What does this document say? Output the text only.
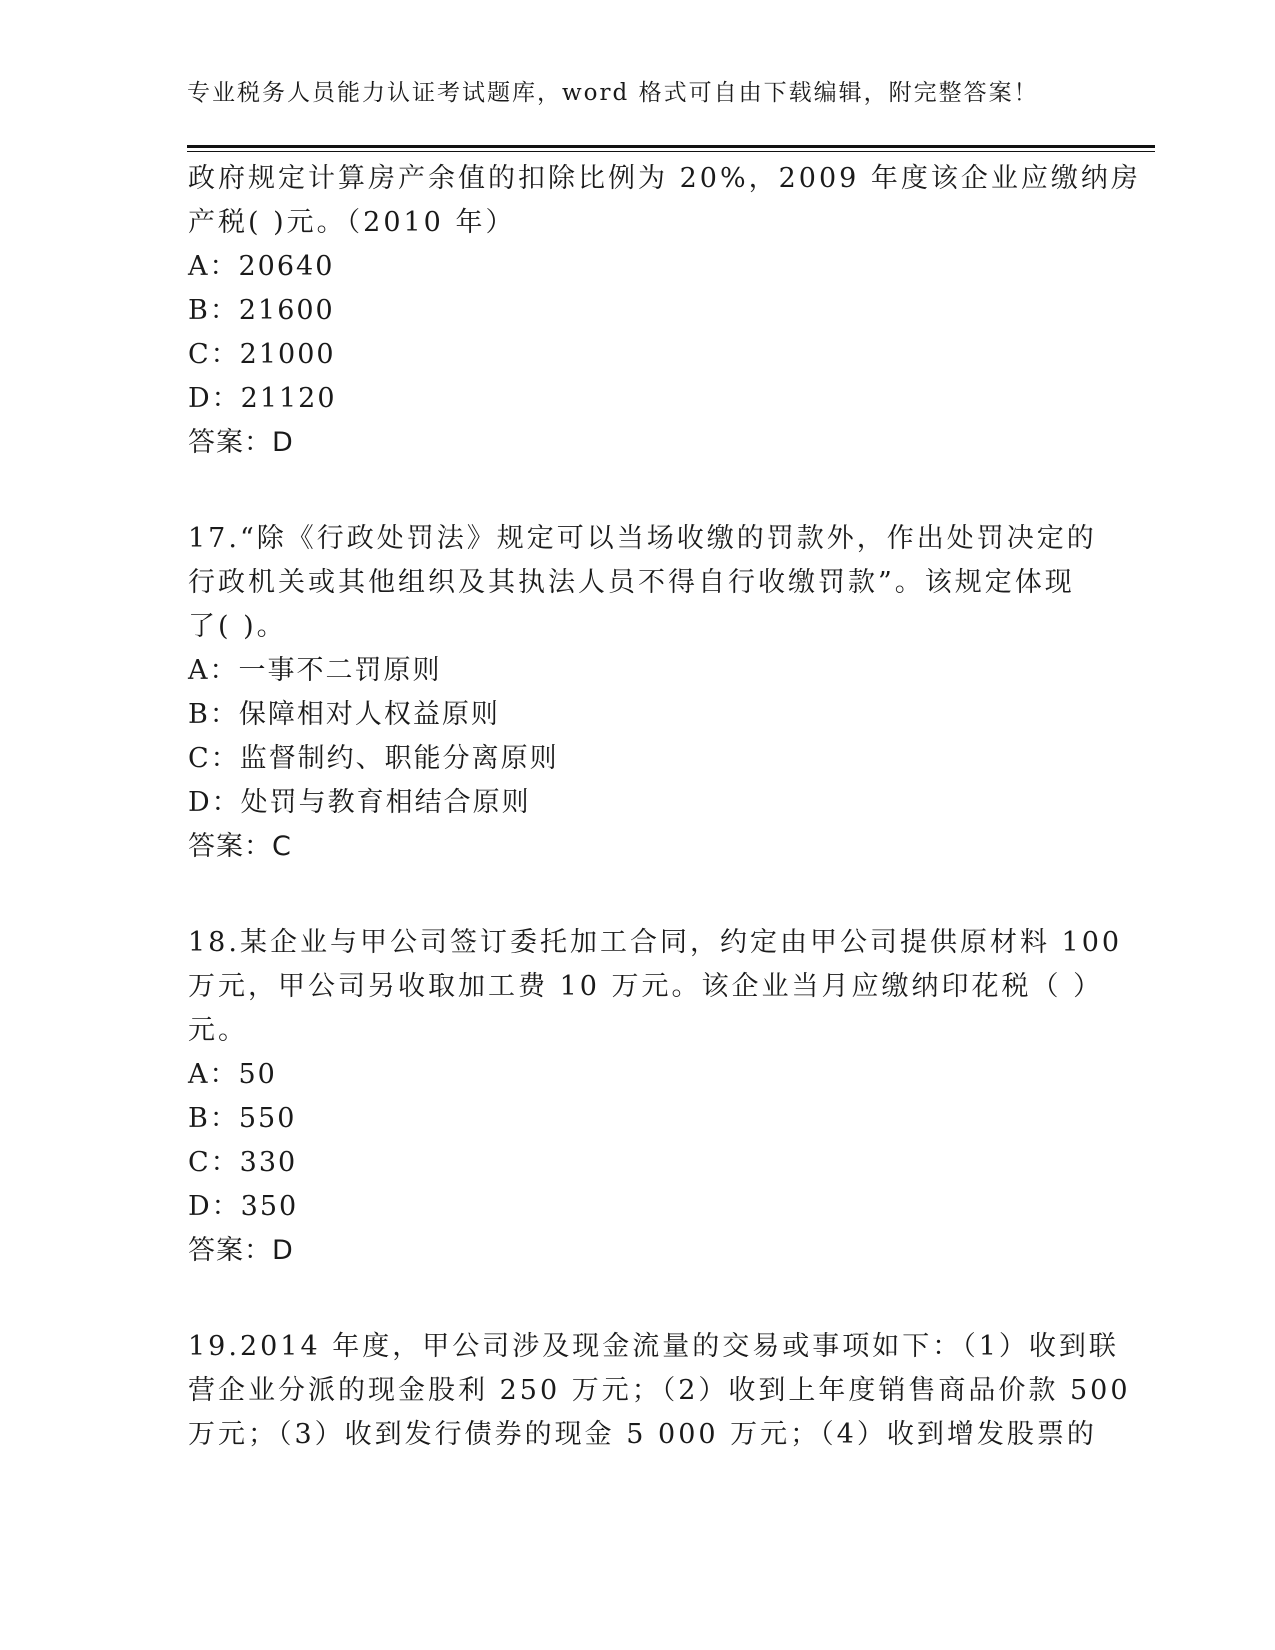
专业税务人员能力认证考试题库，word 格式可自由下载编辑，附完整答案！
政府规定计算房产余值的扣除比例为 20%，2009 年度该企业应缴纳房
产税( )元。（2010 年）
A：20640
B：21600
C：21000
D：21120
答案：D
17.“除《行政处罚法》规定可以当场收缴的罚款外，作出处罚决定的
行政机关或其他组织及其执法人员不得自行收缴罚款”。该规定体现
了( )。
A：一事不二罚原则
B：保障相对人权益原则
C：监督制约、职能分离原则
D：处罚与教育相结合原则
答案：C
18.某企业与甲公司签订委托加工合同，约定由甲公司提供原材料 100
万元，甲公司另收取加工费 10 万元。该企业当月应缴纳印花税（ ）
元。
A：50
B：550
C：330
D：350
答案：D
19.2014 年度，甲公司涉及现金流量的交易或事项如下：（1）收到联
营企业分派的现金股利 250 万元；（2）收到上年度销售商品价款 500
万元；（3）收到发行债券的现金 5 000 万元；（4）收到增发股票的
